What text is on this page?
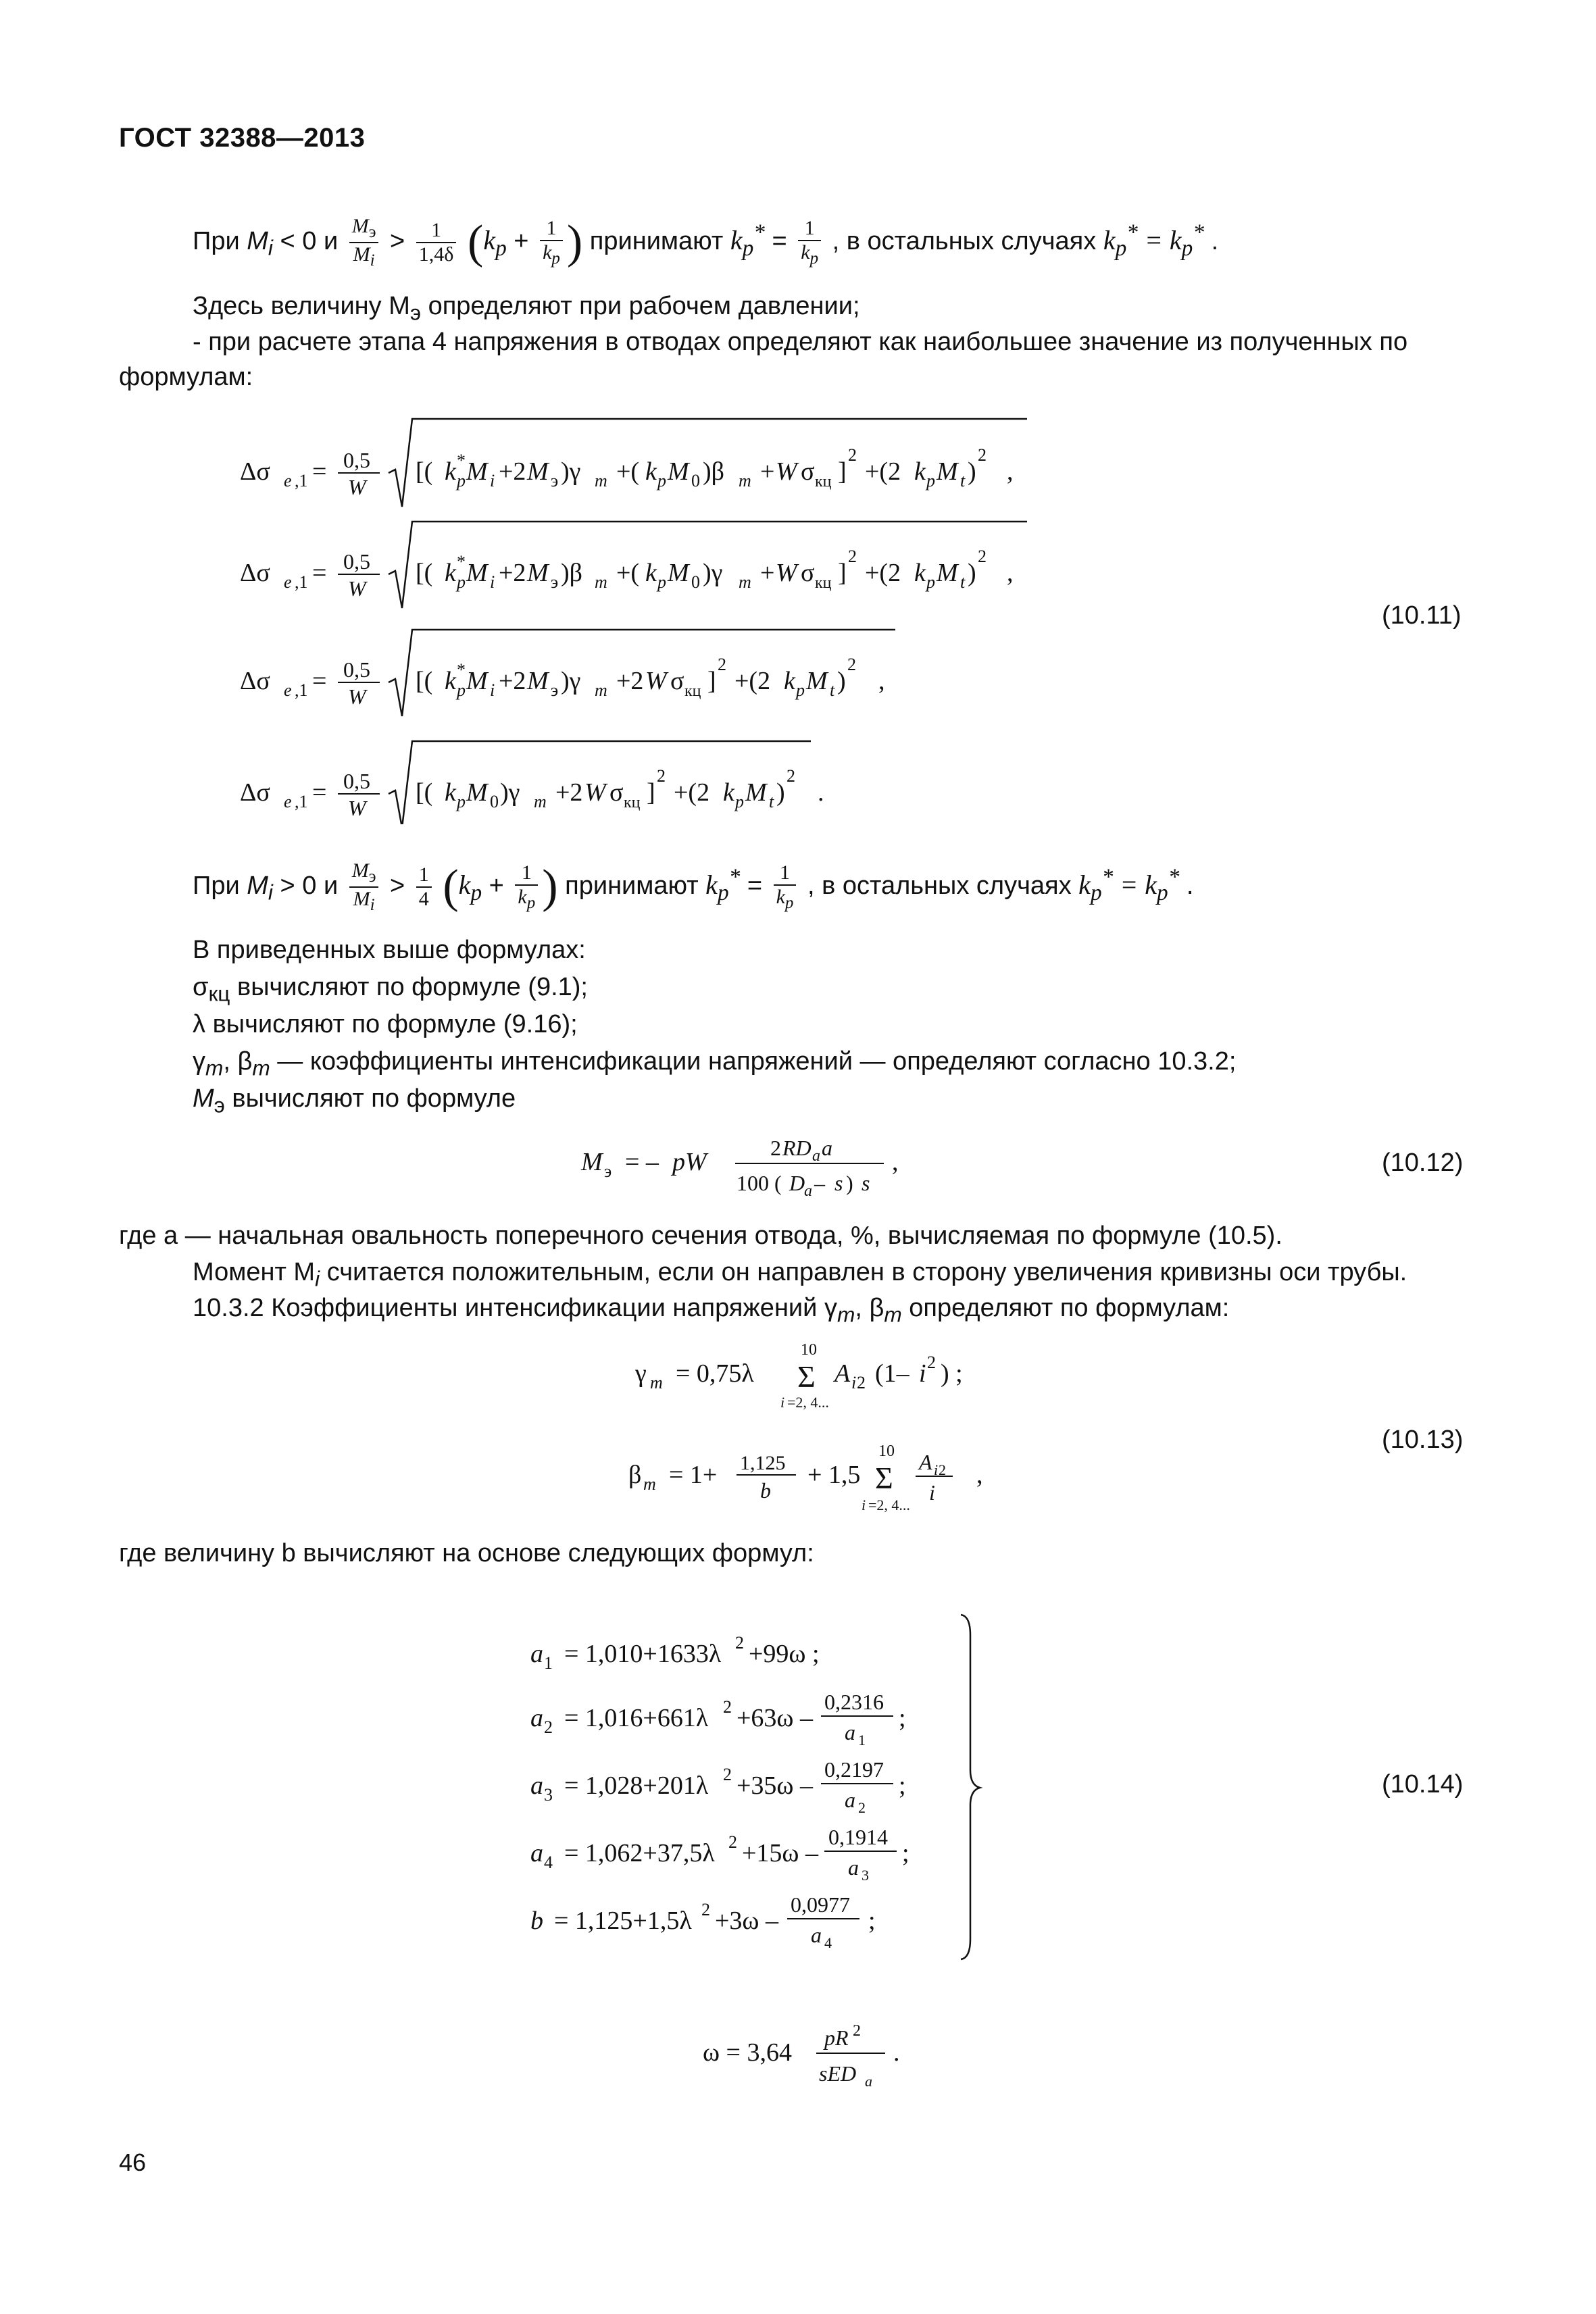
ГОСТ 32388—2013
При $M_i < 0$ и $\frac{M_э}{M_i} > \frac{1}{1,4\delta} (k_p + \frac{1}{k_p}$ ) принимают $k_p^* = \frac{1}{k_p}$ , в остальных случаях $k_p^* = k_p^*$ .
Здесь величину $M_э$ определяют при рабочем давлении;
- при расчете этапа 4 напряжения в отводах определяют как наибольшее значение из полученных по
формулам:
Δσ e ,1 = 0,5
W
[( k p
* M i +2 M э )γ m +( k p M 0 )β m + W σ кц ]
2
+(2 k p M t )
2
,
Δσ e ,1 = 0,5
W
[( k p
* M i +2 M э )β m +( k p M 0 )γ m + W σ кц ]
2
+(2 k p M t )
2
,
Δσ e ,1 = 0,5
W
[( k p
* M i +2 M э )γ m +2 W σ кц ]
2
+(2 k p M t )
2
,
Δσ e ,1 = 0,5
W
[( k p M 0 )γ m +2 W σ кц ]
2
+(2 k p M t )
2
.
(10.11)
При $M_i > 0$ и $\frac{M_э}{M_i} > \frac{1}{4} (k_p + \frac{1}{k_p}$ ) принимают $k_p^* = \frac{1}{k_p}$ , в остальных случаях $k_p^* = k_p^*$ .
В приведенных выше формулах:
$\sigma_{кц}$ вычисляют по формуле (9.1);
λ вычисляют по формуле (9.16);
$\gamma_m$, $\beta_m$ — коэффициенты интенсификации напряжений — определяют согласно 10.3.2;
$M_э$ вычисляют по формуле
M э = – pW	2 RD a a
100 ( D
a – s ) s
,	(10.12)
где a — начальная овальность поперечного сечения отвода, %, вычисляемая по формуле (10.5).
Момент $M_i$ считается положительным, если он направлен в сторону увеличения кривизны оси трубы.
10.3.2 Коэффициенты интенсификации напряжений $\gamma_m$, $\beta_m$ определяют по формулам:
γ m = 0,75λ
10
Σ
i =2, 4...
A i 2 (1– i 2 ) ;
β m = 1+ 1,125
b
+ 1,5
10
Σ
i =2, 4...
A i 2
i
,
(10.13)
где величину b вычисляют на основе следующих формул:
a 1 = 1,010+1633λ 2 +99ω ;
a 2 = 1,016+661λ 2 +63ω –
0,2316
a 1
;
a 3 = 1,028+201λ 2 +35ω –
0,2197
a 2
;
a 4 = 1,062+37,5λ 2 +15ω –
0,1914
a 3
;
b = 1,125+1,5λ 2 +3ω –
0,0977
a 4
;
(10.14)
ω = 3,64
pR 2
sED a
.
46
